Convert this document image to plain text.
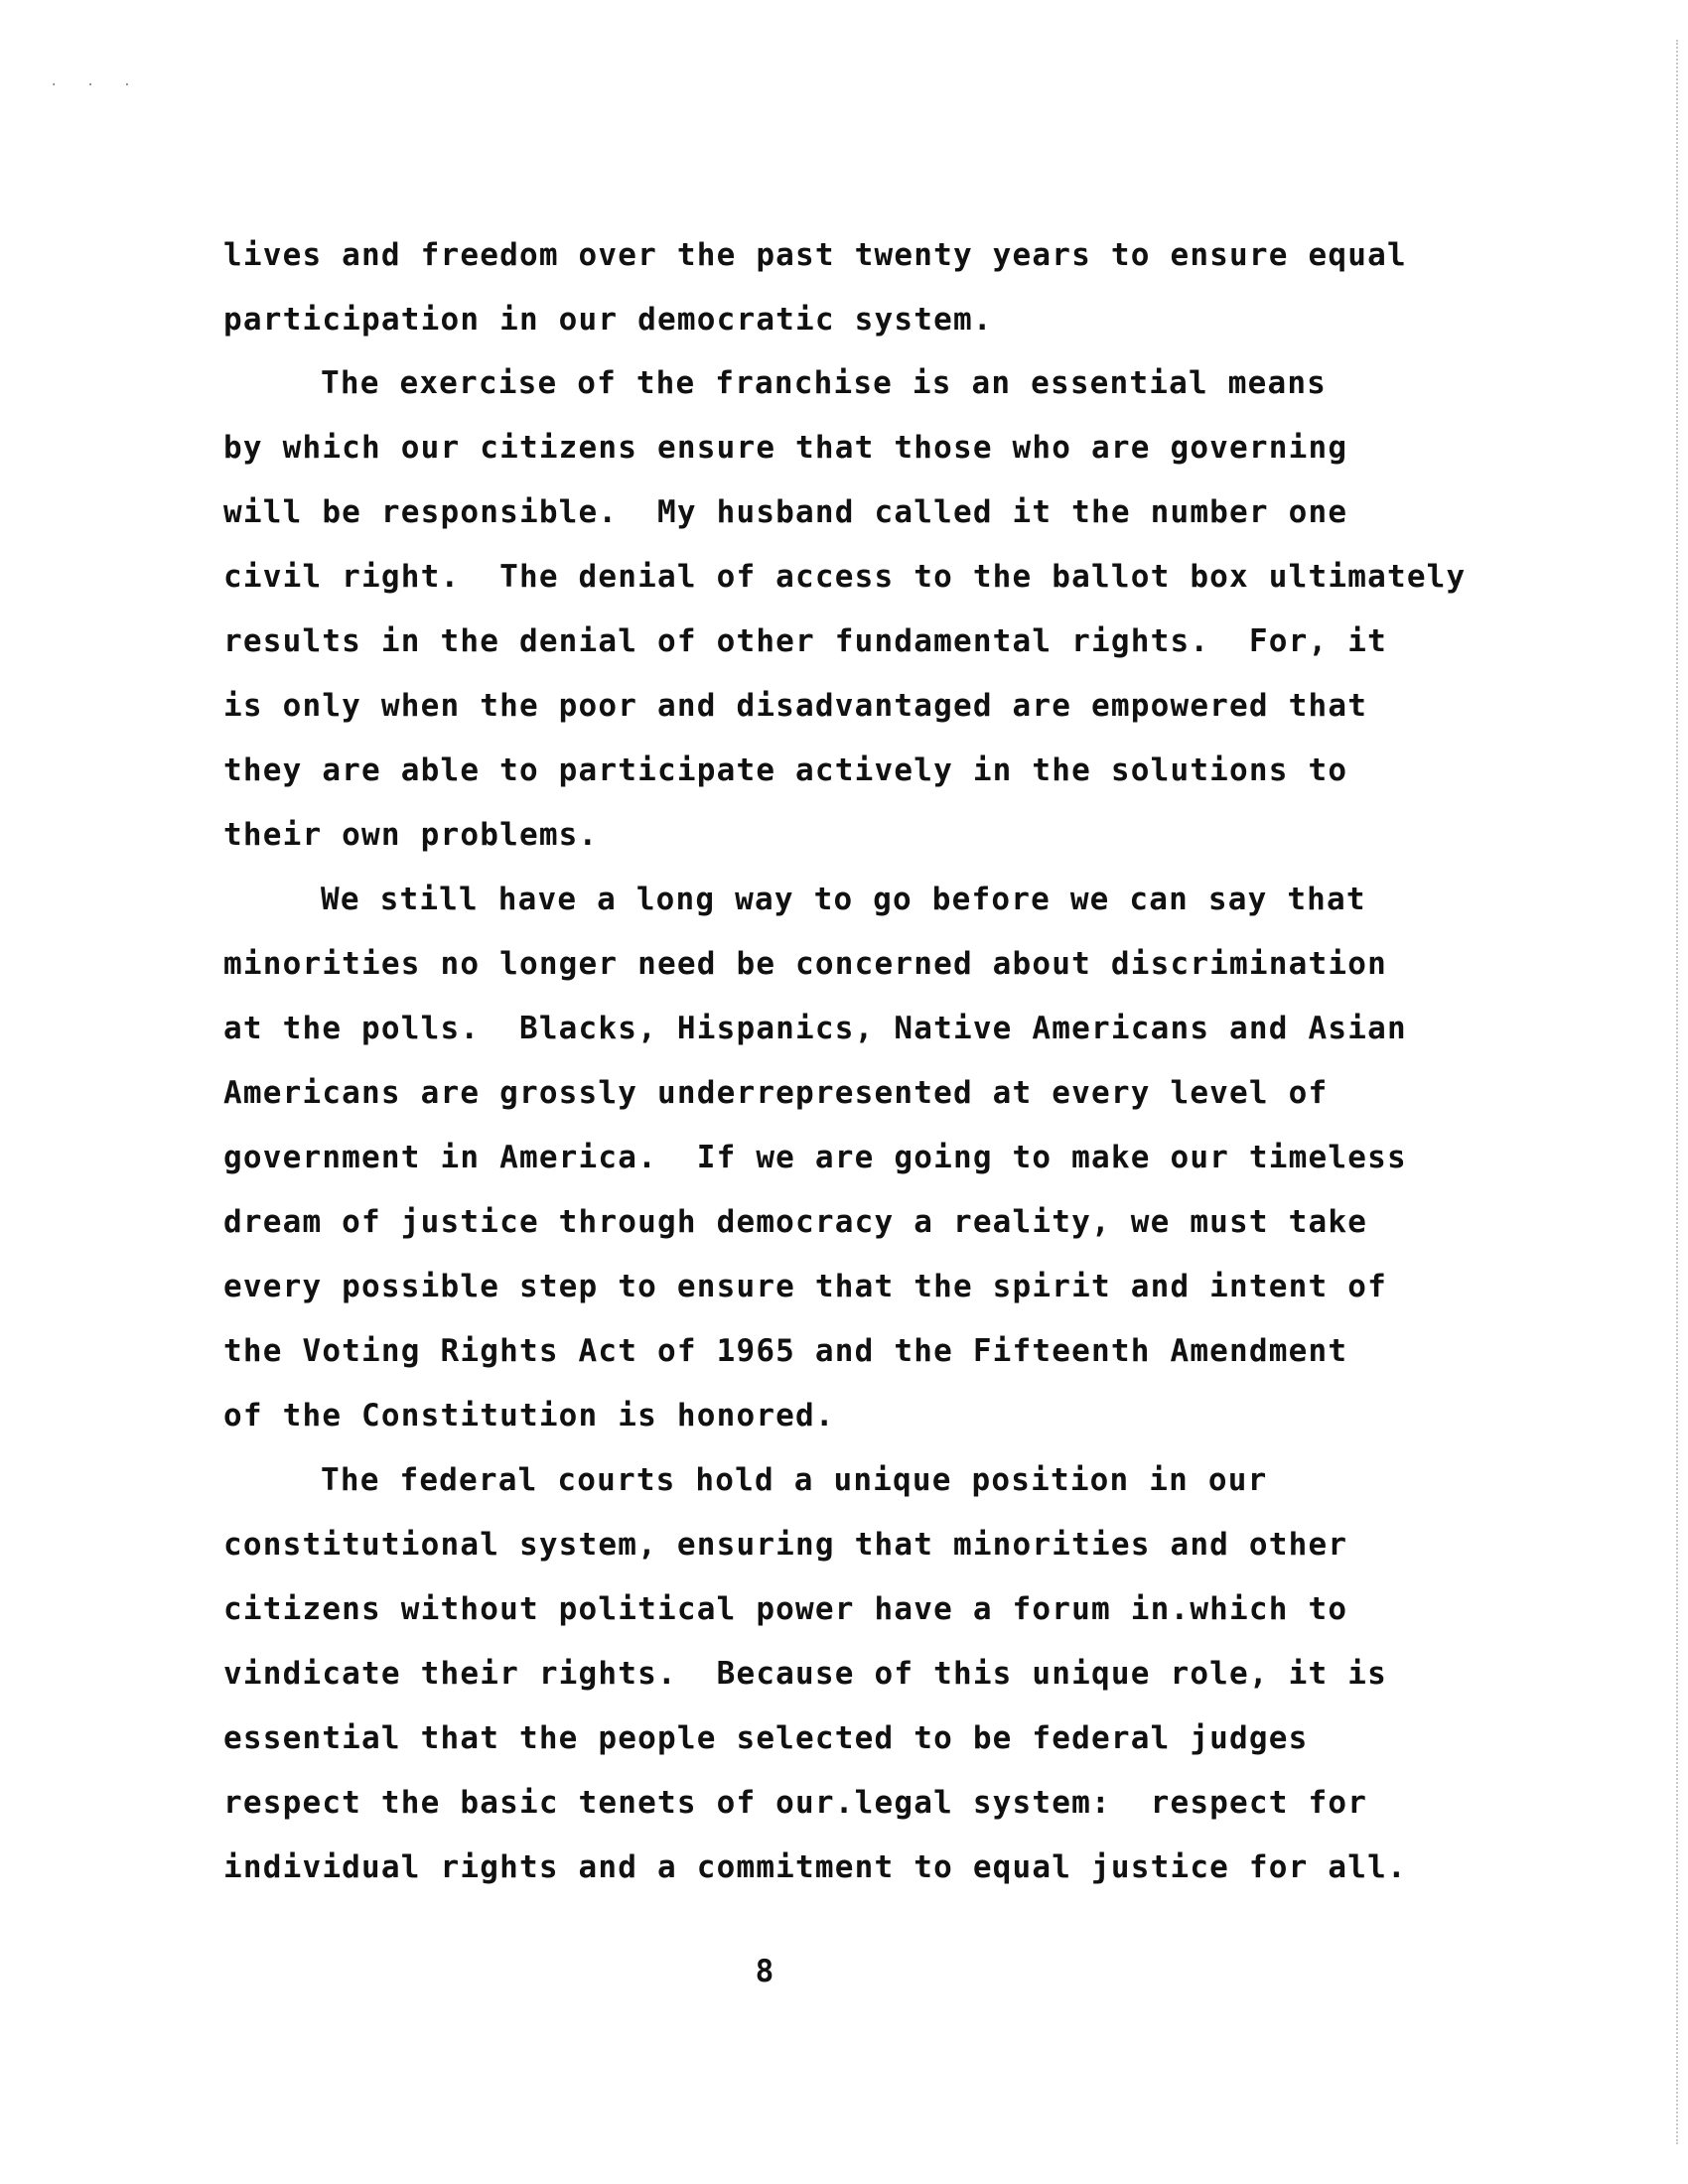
· · ·
lives and freedom over the past twenty years to ensure equal
participation in our democratic system.
The exercise of the franchise is an essential means
by which our citizens ensure that those who are governing
will be responsible.  My husband called it the number one
civil right.  The denial of access to the ballot box ultimately
results in the denial of other fundamental rights.  For, it
is only when the poor and disadvantaged are empowered that
they are able to participate actively in the solutions to
their own problems.
We still have a long way to go before we can say that
minorities no longer need be concerned about discrimination
at the polls.  Blacks, Hispanics, Native Americans and Asian
Americans are grossly underrepresented at every level of
government in America.  If we are going to make our timeless
dream of justice through democracy a reality, we must take
every possible step to ensure that the spirit and intent of
the Voting Rights Act of 1965 and the Fifteenth Amendment
of the Constitution is honored.
The federal courts hold a unique position in our
constitutional system, ensuring that minorities and other
citizens without political power have a forum in.which to
vindicate their rights.  Because of this unique role, it is
essential that the people selected to be federal judges
respect the basic tenets of our.legal system:  respect for
individual rights and a commitment to equal justice for all.
8
